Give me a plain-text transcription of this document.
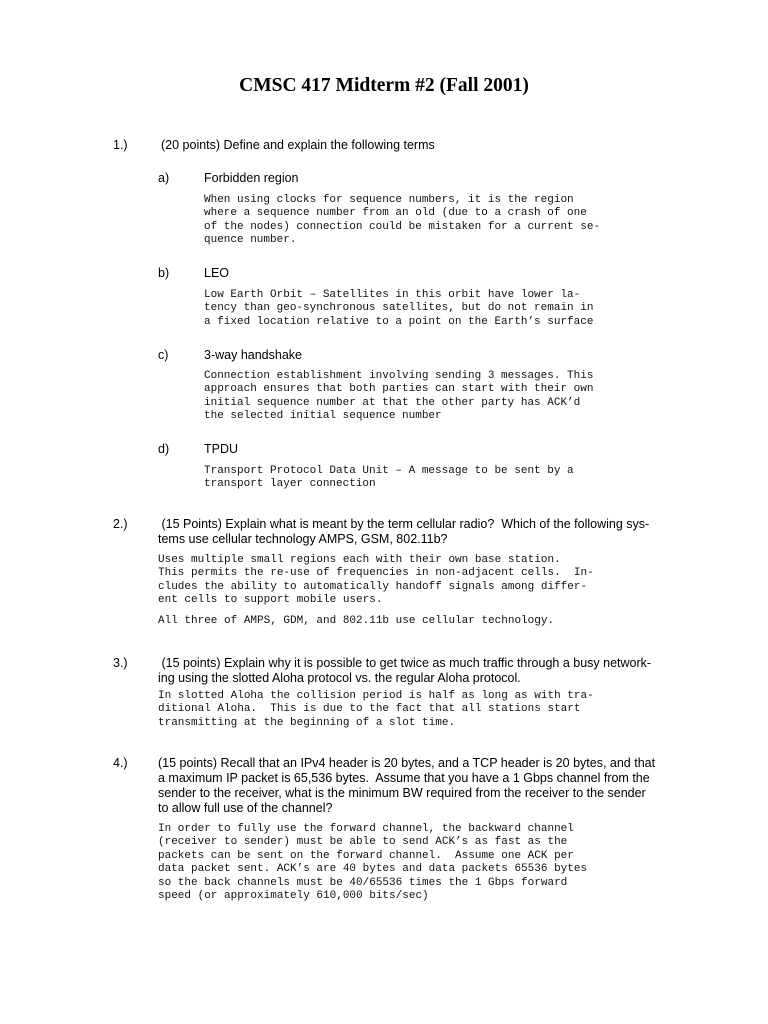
CMSC 417 Midterm #2 (Fall 2001)
1.)	(20 points) Define and explain the following terms
a)	Forbidden region
When using clocks for sequence numbers, it is the region
where a sequence number from an old (due to a crash of one
of the nodes) connection could be mistaken for a current se-
quence number.
b)	LEO
Low Earth Orbit – Satellites in this orbit have lower la-
tency than geo-synchronous satellites, but do not remain in
a fixed location relative to a point on the Earth’s surface
c)	3-way handshake
Connection establishment involving sending 3 messages. This
approach ensures that both parties can start with their own
initial sequence number at that the other party has ACK’d
the selected initial sequence number
d)	TPDU
Transport Protocol Data Unit – A message to be sent by a
transport layer connection
2.)	(15 Points) Explain what is meant by the term cellular radio?  Which of the following sys-
tems use cellular technology AMPS, GSM, 802.11b?
Uses multiple small regions each with their own base station.
This permits the re-use of frequencies in non-adjacent cells.  In-
cludes the ability to automatically handoff signals among differ-
ent cells to support mobile users.
All three of AMPS, GDM, and 802.11b use cellular technology.
3.)	(15 points) Explain why it is possible to get twice as much traffic through a busy network-
ing using the slotted Aloha protocol vs. the regular Aloha protocol.
In slotted Aloha the collision period is half as long as with tra-
ditional Aloha.  This is due to the fact that all stations start
transmitting at the beginning of a slot time.
4.) (15 points) Recall that an IPv4 header is 20 bytes, and a TCP header is 20 bytes, and that
a maximum IP packet is 65,536 bytes.  Assume that you have a 1 Gbps channel from the
sender to the receiver, what is the minimum BW required from the receiver to the sender
to allow full use of the channel?
In order to fully use the forward channel, the backward channel
(receiver to sender) must be able to send ACK’s as fast as the
packets can be sent on the forward channel.  Assume one ACK per
data packet sent. ACK’s are 40 bytes and data packets 65536 bytes
so the back channels must be 40/65536 times the 1 Gbps forward
speed (or approximately 610,000 bits/sec)
